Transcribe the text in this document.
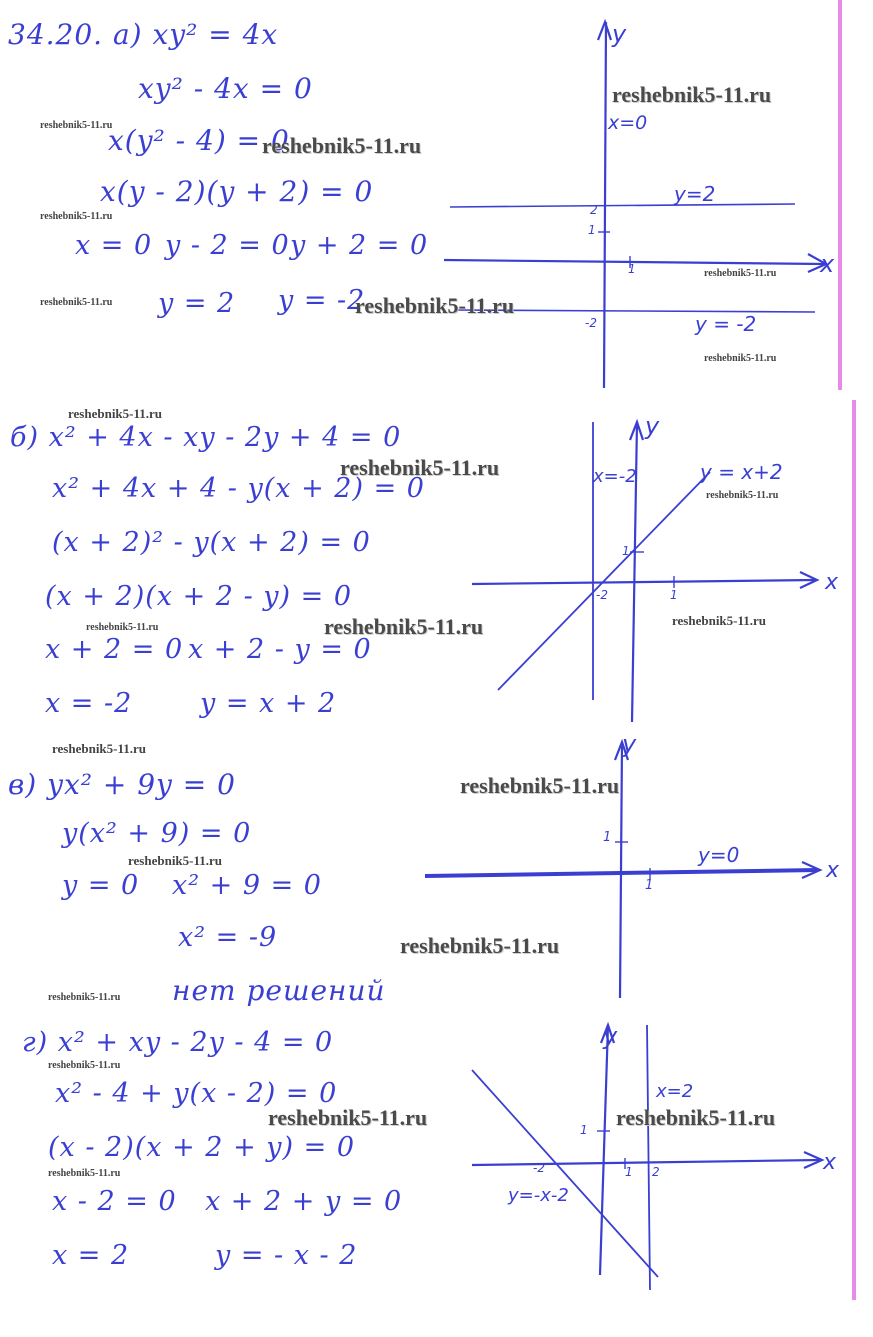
34.20. а) xy² = 4x
xy² - 4x = 0
x(y² - 4) = 0
x(y - 2)(y + 2) = 0
x = 0 y - 2 = 0 y + 2 = 0
y = 2 y = -2
y
x
x=0
y=2
y = -2
2
1
1
-2
б) x² + 4x - xy - 2y + 4 = 0
x² + 4x + 4 - y(x + 2) = 0
(x + 2)² - y(x + 2) = 0
(x + 2)(x + 2 - y) = 0
x + 2 = 0 x + 2 - y = 0
x = -2	y = x + 2
y
x
x=-2	y = x+2
1
1
-2
в) yx² + 9y = 0
y(x² + 9) = 0
y = 0 x² + 9 = 0
x² = -9
нет решений
y
x
y=0
1
1
г) x² + xy - 2y - 4 = 0
x² - 4 + y(x - 2) = 0
(x - 2)(x + 2 + y) = 0
x - 2 = 0 x + 2 + y = 0
x = 2	y = - x - 2
y
x
x=2
y=-x-2
1
1 2
-2
reshebnik5-11.ru
reshebnik5-11.ru
reshebnik5-11.ru
reshebnik5-11.ru
reshebnik5-11.ru
reshebnik5-11.ru
reshebnik5-11.ru
reshebnik5-11.ru	reshebnik5-11.ru
reshebnik5-11.ru
reshebnik5-11.ru
reshebnik5-11.ru
reshebnik5-11.ru
reshebnik5-11.ru
reshebnik5-11.ru
reshebnik5-11.ru
reshebnik5-11.ru	reshebnik5-11.ru
reshebnik5-11.ru
reshebnik5-11.ru
reshebnik5-11.ru
reshebnik5-11.ru
reshebnik5-11.ru
